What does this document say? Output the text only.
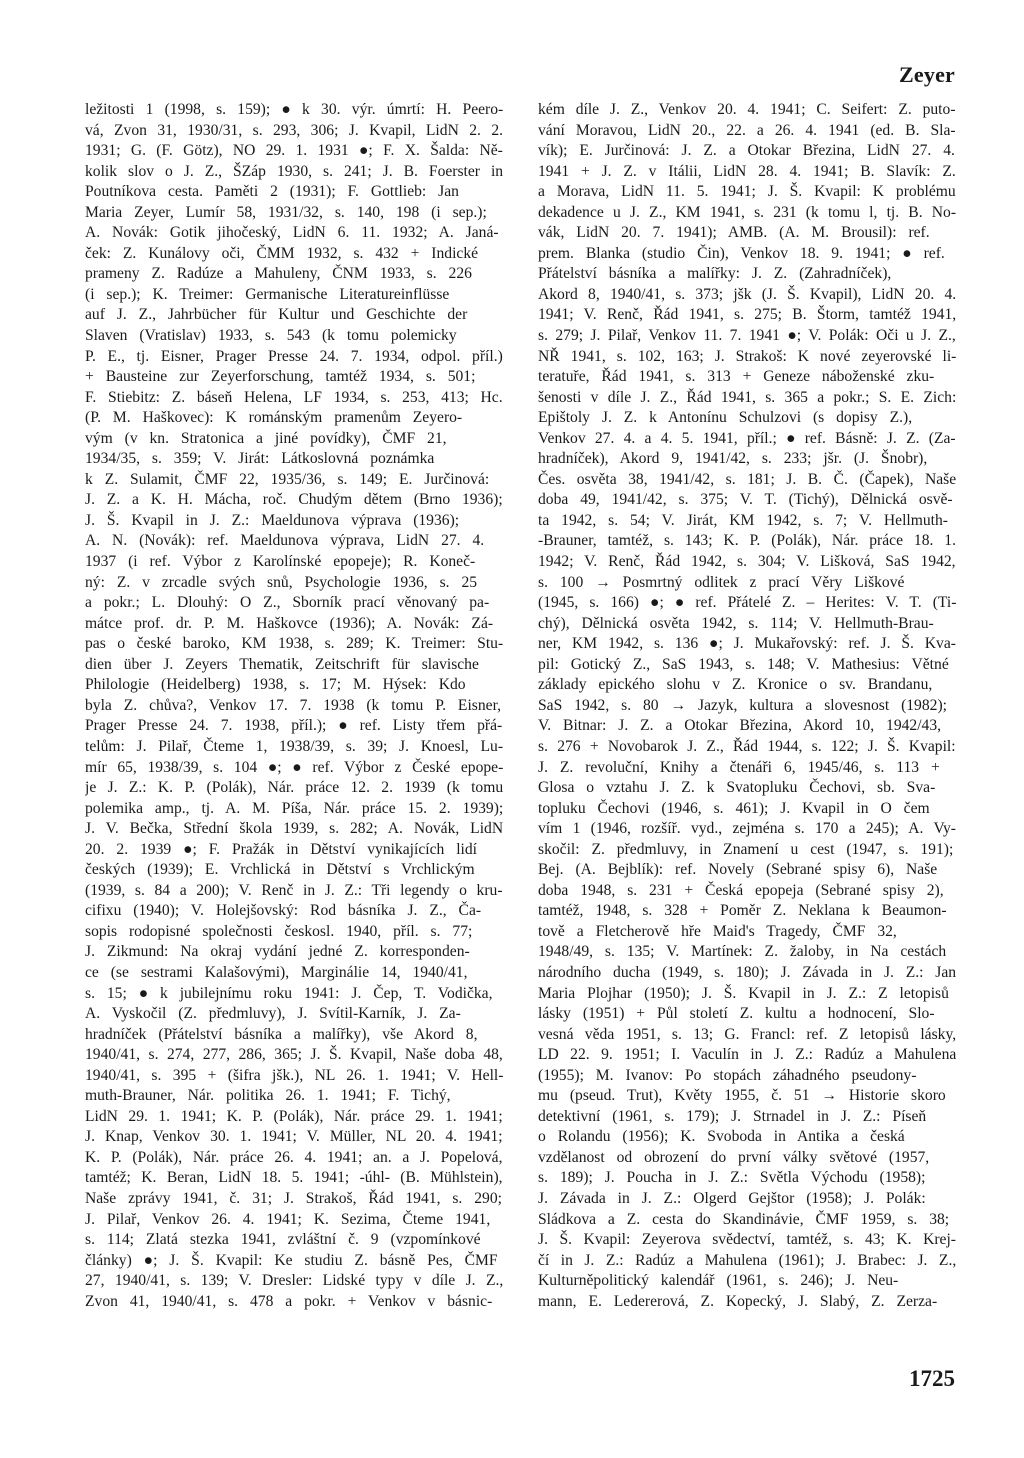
Zeyer
ležitosti 1 (1998, s. 159); ● k 30. výr. úmrtí: H. Peero-
vá, Zvon 31, 1930/31, s. 293, 306; J. Kvapil, LidN 2. 2.
1931; G. (F. Götz), NO 29. 1. 1931 ●; F. X. Šalda: Ně-
kolik slov o J. Z., ŠZáp 1930, s. 241; J. B. Foerster in
Poutníkova cesta. Paměti 2 (1931); F. Gottlieb: Jan
Maria Zeyer, Lumír 58, 1931/32, s. 140, 198 (i sep.);
A. Novák: Gotik jihočeský, LidN 6. 11. 1932; A. Janá-
ček: Z. Kunálovy oči, ČMM 1932, s. 432 + Indické
prameny Z. Radúze a Mahuleny, ČNM 1933, s. 226
(i sep.); K. Treimer: Germanische Literatureinflüsse
auf J. Z., Jahrbücher für Kultur und Geschichte der
Slaven (Vratislav) 1933, s. 543 (k tomu polemicky
P. E., tj. Eisner, Prager Presse 24. 7. 1934, odpol. příl.)
+ Bausteine zur Zeyerforschung, tamtéž 1934, s. 501;
F. Stiebitz: Z. báseň Helena, LF 1934, s. 253, 413; Hc.
(P. M. Haškovec): K románským pramenům Zeyero-
vým (v kn. Stratonica a jiné povídky), ČMF 21,
1934/35, s. 359; V. Jirát: Látkoslovná poznámka
k Z. Sulamit, ČMF 22, 1935/36, s. 149; E. Jurčinová:
J. Z. a K. H. Mácha, roč. Chudým dětem (Brno 1936);
J. Š. Kvapil in J. Z.: Maeldunova výprava (1936);
A. N. (Novák): ref. Maeldunova výprava, LidN 27. 4.
1937 (i ref. Výbor z Karolínské epopeje); R. Koneč-
ný: Z. v zrcadle svých snů, Psychologie 1936, s. 25
a pokr.; L. Dlouhý: O Z., Sborník prací věnovaný pa-
mátce prof. dr. P. M. Haškovce (1936); A. Novák: Zá-
pas o české baroko, KM 1938, s. 289; K. Treimer: Stu-
dien über J. Zeyers Thematik, Zeitschrift für slavische
Philologie (Heidelberg) 1938, s. 17; M. Hýsek: Kdo
byla Z. chůva?, Venkov 17. 7. 1938 (k tomu P. Eisner,
Prager Presse 24. 7. 1938, příl.); ● ref. Listy třem přá-
telům: J. Pilař, Čteme 1, 1938/39, s. 39; J. Knoesl, Lu-
mír 65, 1938/39, s. 104 ●; ● ref. Výbor z České epope-
je J. Z.: K. P. (Polák), Nár. práce 12. 2. 1939 (k tomu
polemika amp., tj. A. M. Píša, Nár. práce 15. 2. 1939);
J. V. Bečka, Střední škola 1939, s. 282; A. Novák, LidN
20. 2. 1939 ●; F. Pražák in Dětství vynikajících lidí
českých (1939); E. Vrchlická in Dětství s Vrchlickým
(1939, s. 84 a 200); V. Renč in J. Z.: Tři legendy o kru-
cifixu (1940); V. Holejšovský: Rod básníka J. Z., Ča-
sopis rodopisné společnosti českosl. 1940, příl. s. 77;
J. Zikmund: Na okraj vydání jedné Z. korresponden-
ce (se sestrami Kalašovými), Marginálie 14, 1940/41,
s. 15; ● k jubilejnímu roku 1941: J. Čep, T. Vodička,
A. Vyskočil (Z. předmluvy), J. Svítil-Karník, J. Za-
hradníček (Přátelství básníka a malířky), vše Akord 8,
1940/41, s. 274, 277, 286, 365; J. Š. Kvapil, Naše doba 48,
1940/41, s. 395 + (šifra jšk.), NL 26. 1. 1941; V. Hell-
muth-Brauner, Nár. politika 26. 1. 1941; F. Tichý,
LidN 29. 1. 1941; K. P. (Polák), Nár. práce 29. 1. 1941;
J. Knap, Venkov 30. 1. 1941; V. Müller, NL 20. 4. 1941;
K. P. (Polák), Nár. práce 26. 4. 1941; an. a J. Popelová,
tamtéž; K. Beran, LidN 18. 5. 1941; -úhl- (B. Mühlstein),
Naše zprávy 1941, č. 31; J. Strakoš, Řád 1941, s. 290;
J. Pilař, Venkov 26. 4. 1941; K. Sezima, Čteme 1941,
s. 114; Zlatá stezka 1941, zvláštní č. 9 (vzpomínkové
články) ●; J. Š. Kvapil: Ke studiu Z. básně Pes, ČMF
27, 1940/41, s. 139; V. Dresler: Lidské typy v díle J. Z.,
Zvon 41, 1940/41, s. 478 a pokr. + Venkov v básnic-
kém díle J. Z., Venkov 20. 4. 1941; C. Seifert: Z. puto-
vání Moravou, LidN 20., 22. a 26. 4. 1941 (ed. B. Sla-
vík); E. Jurčinová: J. Z. a Otokar Březina, LidN 27. 4.
1941 + J. Z. v Itálii, LidN 28. 4. 1941; B. Slavík: Z.
a Morava, LidN 11. 5. 1941; J. Š. Kvapil: K problému
dekadence u J. Z., KM 1941, s. 231 (k tomu l, tj. B. No-
vák, LidN 20. 7. 1941); AMB. (A. M. Brousil): ref.
prem. Blanka (studio Čin), Venkov 18. 9. 1941; ● ref.
Přátelství básníka a malířky: J. Z. (Zahradníček),
Akord 8, 1940/41, s. 373; jšk (J. Š. Kvapil), LidN 20. 4.
1941; V. Renč, Řád 1941, s. 275; B. Štorm, tamtéž 1941,
s. 279; J. Pilař, Venkov 11. 7. 1941 ●; V. Polák: Oči u J. Z.,
NŘ 1941, s. 102, 163; J. Strakoš: K nové zeyerovské li-
teratuře, Řád 1941, s. 313 + Geneze náboženské zku-
šenosti v díle J. Z., Řád 1941, s. 365 a pokr.; S. E. Zich:
Epištoly J. Z. k Antonínu Schulzovi (s dopisy Z.),
Venkov 27. 4. a 4. 5. 1941, příl.; ● ref. Básně: J. Z. (Za-
hradníček), Akord 9, 1941/42, s. 233; jšr. (J. Šnobr),
Čes. osvěta 38, 1941/42, s. 181; J. B. Č. (Čapek), Naše
doba 49, 1941/42, s. 375; V. T. (Tichý), Dělnická osvě-
ta 1942, s. 54; V. Jirát, KM 1942, s. 7; V. Hellmuth-
-Brauner, tamtéž, s. 143; K. P. (Polák), Nár. práce 18. 1.
1942; V. Renč, Řád 1942, s. 304; V. Lišková, SaS 1942,
s. 100 → Posmrtný odlitek z prací Věry Liškové
(1945, s. 166) ●; ● ref. Přátelé Z. – Herites: V. T. (Ti-
chý), Dělnická osvěta 1942, s. 114; V. Hellmuth-Brau-
ner, KM 1942, s. 136 ●; J. Mukařovský: ref. J. Š. Kva-
pil: Gotický Z., SaS 1943, s. 148; V. Mathesius: Větné
základy epického slohu v Z. Kronice o sv. Brandanu,
SaS 1942, s. 80 → Jazyk, kultura a slovesnost (1982);
V. Bitnar: J. Z. a Otokar Březina, Akord 10, 1942/43,
s. 276 + Novobarok J. Z., Řád 1944, s. 122; J. Š. Kvapil:
J. Z. revoluční, Knihy a čtenáři 6, 1945/46, s. 113 +
Glosa o vztahu J. Z. k Svatopluku Čechovi, sb. Sva-
topluku Čechovi (1946, s. 461); J. Kvapil in O čem
vím 1 (1946, rozšíř. vyd., zejména s. 170 a 245); A. Vy-
skočil: Z. předmluvy, in Znamení u cest (1947, s. 191);
Bej. (A. Bejblík): ref. Novely (Sebrané spisy 6), Naše
doba 1948, s. 231 + Česká epopeja (Sebrané spisy 2),
tamtéž, 1948, s. 328 + Poměr Z. Neklana k Beaumon-
tově a Fletcherově hře Maid's Tragedy, ČMF 32,
1948/49, s. 135; V. Martínek: Z. žaloby, in Na cestách
národního ducha (1949, s. 180); J. Závada in J. Z.: Jan
Maria Plojhar (1950); J. Š. Kvapil in J. Z.: Z letopisů
lásky (1951) + Půl století Z. kultu a hodnocení, Slo-
vesná věda 1951, s. 13; G. Francl: ref. Z letopisů lásky,
LD 22. 9. 1951; I. Vaculín in J. Z.: Radúz a Mahulena
(1955); M. Ivanov: Po stopách záhadného pseudony-
mu (pseud. Trut), Květy 1955, č. 51 → Historie skoro
detektivní (1961, s. 179); J. Strnadel in J. Z.: Píseň
o Rolandu (1956); K. Svoboda in Antika a česká
vzdělanost od obrození do první války světové (1957,
s. 189); J. Poucha in J. Z.: Světla Východu (1958);
J. Závada in J. Z.: Olgerd Gejštor (1958); J. Polák:
Sládkova a Z. cesta do Skandinávie, ČMF 1959, s. 38;
J. Š. Kvapil: Zeyerova svědectví, tamtéž, s. 43; K. Krej-
čí in J. Z.: Radúz a Mahulena (1961); J. Brabec: J. Z.,
Kulturněpolitický kalendář (1961, s. 246); J. Neu-
mann, E. Ledererová, Z. Kopecký, J. Slabý, Z. Zerza-
1725
